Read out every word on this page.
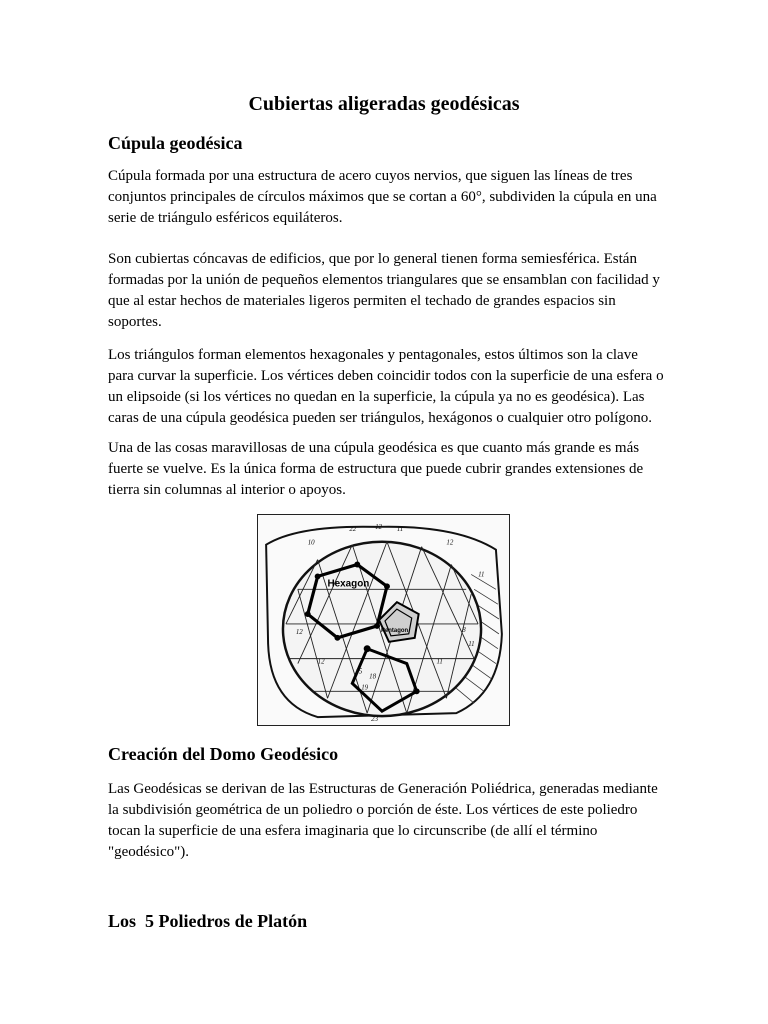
Cubiertas aligeradas geodésicas
Cúpula geodésica

Cúpula formada por una estructura de acero cuyos nervios, que siguen las líneas de tres conjuntos principales de círculos máximos que se cortan a 60°, subdividen la cúpula en una serie de triángulo esféricos equiláteros.

Son cubiertas cóncavas de edificios, que por lo general tienen forma semiesférica. Están formadas por la unión de pequeños elementos triangulares que se ensamblan con facilidad y que al estar hechos de materiales ligeros permiten el techado de grandes espacios sin soportes.

Los triángulos forman elementos hexagonales y pentagonales, estos últimos son la clave para curvar la superficie. Los vértices deben coincidir todos con la superficie de una esfera o un elipsoide (si los vértices no quedan en la superficie, la cúpula ya no es geodésica). Las caras de una cúpula geodésica pueden ser triángulos, hexágonos o cualquier otro polígono.

Una de las cosas maravillosas de una cúpula geodésica es que cuanto más grande es más fuerte se vuelve. Es la única forma de estructura que puede cubrir grandes extensiones de tierra sin columnas al interior o apoyos.

Hexagon
Pentagon
22	12 11
10	12
11
12
12	11
15
18
19
23
8
11
Creación del Domo Geodésico

Las Geodésicas se derivan de las Estructuras de Generación Poliédrica, generadas mediante la subdivisión geométrica de un poliedro o porción de éste. Los vértices de este poliedro tocan la superficie de una esfera imaginaria que lo circunscribe (de allí el término "geodésico").

Los  5 Poliedros de Platón
